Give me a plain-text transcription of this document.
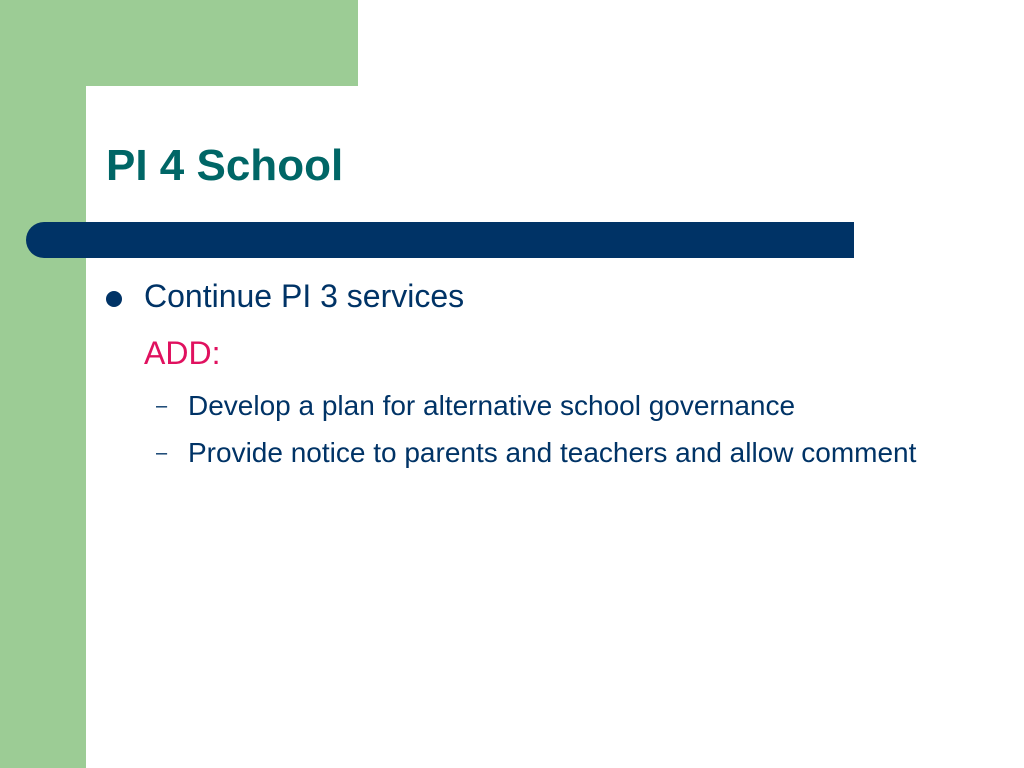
PI 4 School
Continue PI 3 services
ADD:
– Develop a plan for alternative school governance
– Provide notice to parents and teachers and allow comment
